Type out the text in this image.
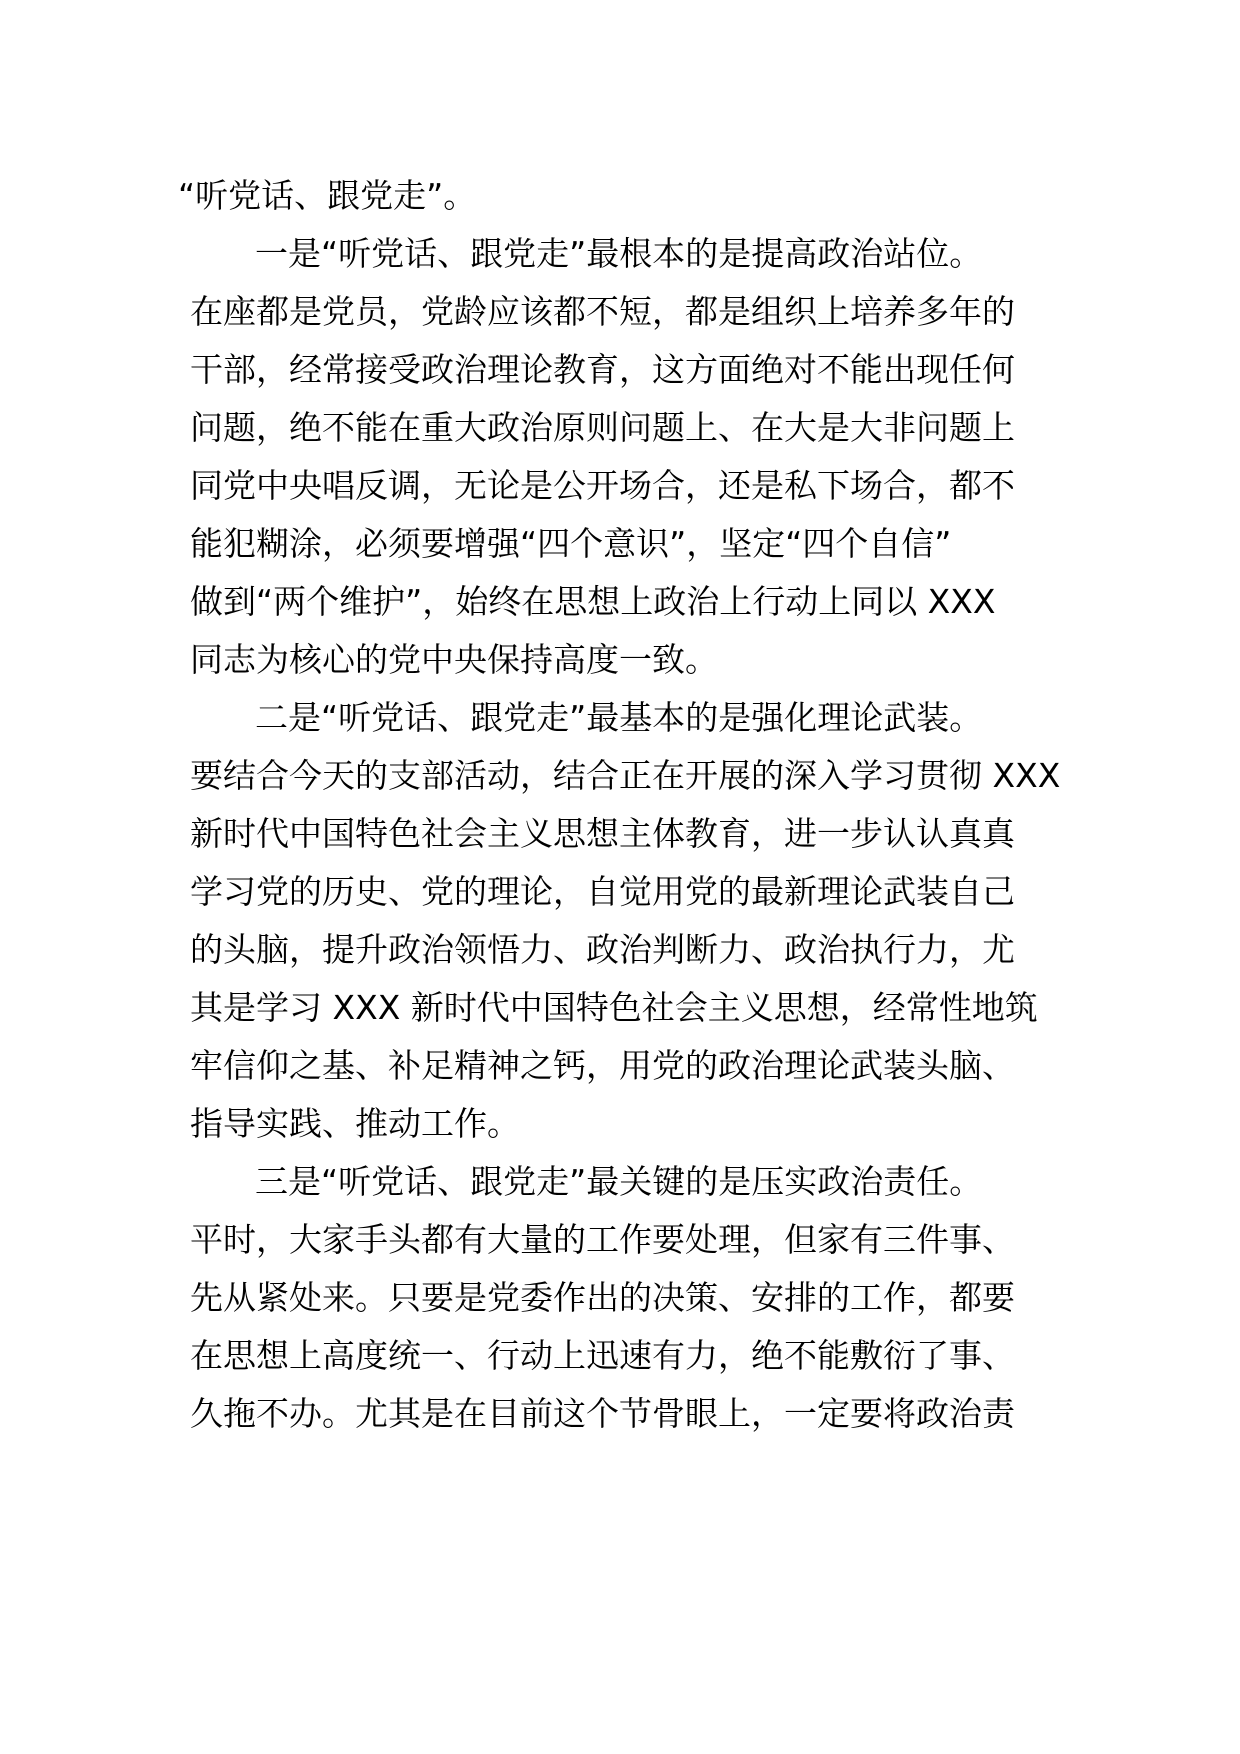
“听党话、跟党走”。
一是“听党话、跟党走”最根本的是提高政治站位。
在座都是党员，党龄应该都不短，都是组织上培养多年的
干部，经常接受政治理论教育，这方面绝对不能出现任何
问题，绝不能在重大政治原则问题上、在大是大非问题上
同党中央唱反调，无论是公开场合，还是私下场合，都不
能犯糊涂，必须要增强“四个意识”，坚定“四个自信”
做到“两个维护”，始终在思想上政治上行动上同以 XXX
同志为核心的党中央保持高度一致。
二是“听党话、跟党走”最基本的是强化理论武装。
要结合今天的支部活动，结合正在开展的深入学习贯彻 XXX
新时代中国特色社会主义思想主体教育，进一步认认真真
学习党的历史、党的理论，自觉用党的最新理论武装自己
的头脑，提升政治领悟力、政治判断力、政治执行力，尤
其是学习 XXX 新时代中国特色社会主义思想，经常性地筑
牢信仰之基、补足精神之钙，用党的政治理论武装头脑、
指导实践、推动工作。
三是“听党话、跟党走”最关键的是压实政治责任。
平时，大家手头都有大量的工作要处理，但家有三件事、
先从紧处来。只要是党委作出的决策、安排的工作，都要
在思想上高度统一、行动上迅速有力，绝不能敷衍了事、
久拖不办。尤其是在目前这个节骨眼上，一定要将政治责
